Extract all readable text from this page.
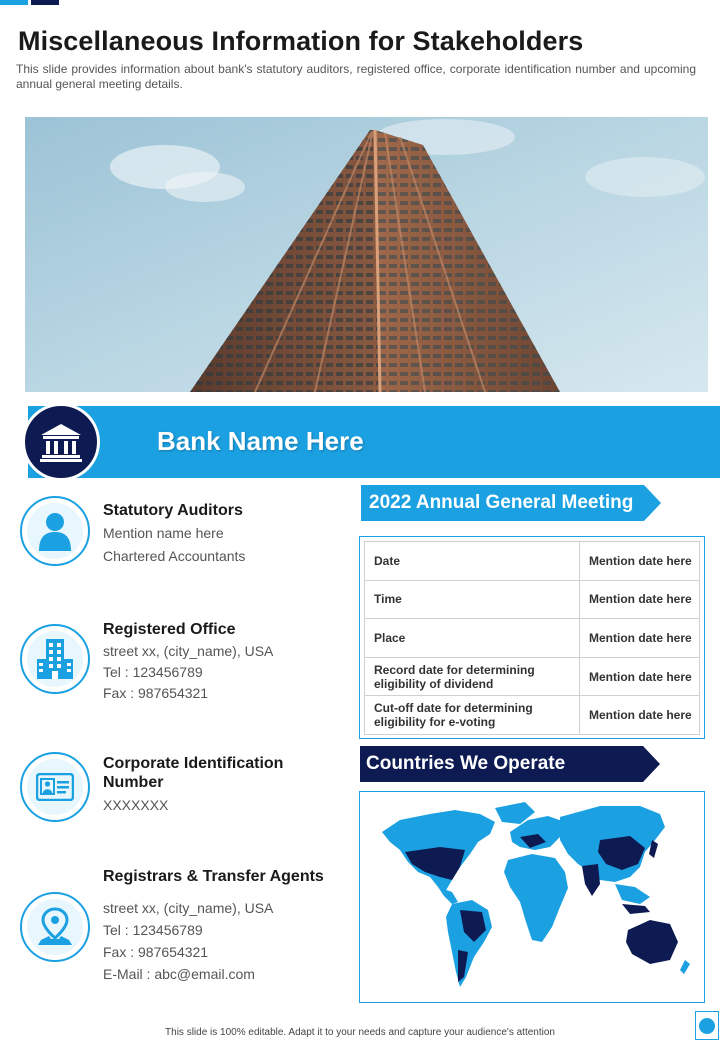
Miscellaneous Information for Stakeholders

This slide provides information about bank's statutory auditors, registered office, corporate identification number and upcoming annual general meeting details.

Bank Name Here
Statutory Auditors
Mention name here
Chartered Accountants
Registered Office
street xx, (city_name), USA
Tel : 123456789
Fax : 987654321
Corporate Identification
Number
XXXXXXX
Registrars & Transfer Agents
street xx, (city_name), USA
Tel : 123456789
Fax : 987654321
E-Mail : abc@email.com
2022 Annual General Meeting
Date	Mention date here
Time	Mention date here
Place	Mention date here
Record date for determining
eligibility of dividend	Mention date here
Cut-off date for determining
eligibility for e-voting	Mention date here
Countries We Operate
This slide is 100% editable. Adapt it to your needs and capture your audience's attention
